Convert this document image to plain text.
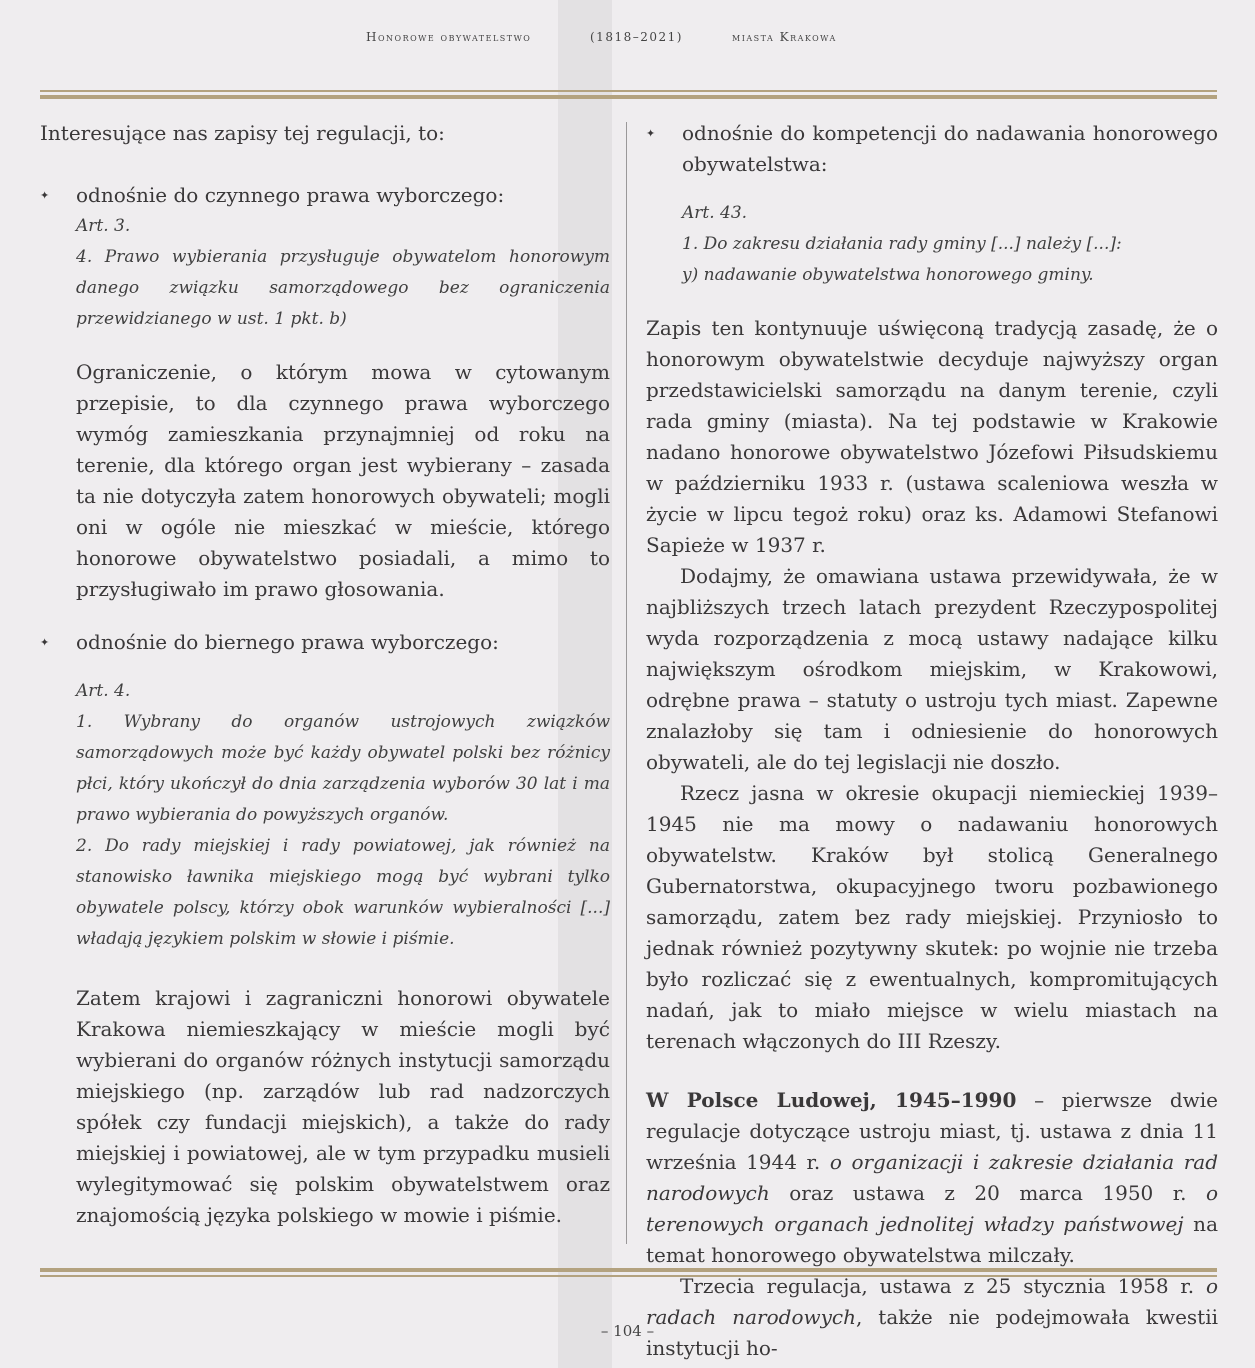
Honorowe obywatelstwo	(1818–2021)	miasta Krakowa

Interesujące nas zapisy tej regulacji, to:

✦ odnośnie do czynnego prawa wyborczego:

Art. 3.

4. Prawo wybierania przysługuje obywatelom honorowym danego związku samorządowego bez ograniczenia przewidzianego w ust. 1 pkt. b)

Ograniczenie, o którym mowa w cytowanym przepisie, to dla czynnego prawa wyborczego wymóg zamieszkania przynajmniej od roku na terenie, dla którego organ jest wybierany – zasada ta nie dotyczyła zatem honorowych obywateli; mogli oni w ogóle nie mieszkać w mieście, którego honorowe obywatelstwo posiadali, a mimo to przysługiwało im prawo głosowania.

✦ odnośnie do biernego prawa wyborczego:

Art. 4.

1. Wybrany do organów ustrojowych związków samorządowych może być każdy obywatel polski bez różnicy płci, który ukończył do dnia zarządzenia wyborów 30 lat i ma prawo wybierania do powyższych organów.

2. Do rady miejskiej i rady powiatowej, jak również na stanowisko ławnika miejskiego mogą być wybrani tylko obywatele polscy, którzy obok warunków wybieralności [...] władają językiem polskim w słowie i piśmie.

Zatem krajowi i zagraniczni honorowi obywatele Krakowa niemieszkający w mieście mogli być wybierani do organów różnych instytucji samorządu miejskiego (np. zarządów lub rad nadzorczych spółek czy fundacji miejskich), a także do rady miejskiej i powiatowej, ale w tym przypadku musieli wylegitymować się polskim obywatelstwem oraz znajomością języka polskiego w mowie i piśmie.

✦ odnośnie do kompetencji do nadawania honorowego obywatelstwa:

Art. 43.

1. Do zakresu działania rady gminy [...] należy [...]:

y) nadawanie obywatelstwa honorowego gminy.

Zapis ten kontynuuje uświęconą tradycją zasadę, że o honorowym obywatelstwie decyduje najwyższy organ przedstawicielski samorządu na danym terenie, czyli rada gminy (miasta). Na tej podstawie w Krakowie nadano honorowe obywatelstwo Józefowi Piłsudskiemu w październiku 1933 r. (ustawa scaleniowa weszła w życie w lipcu tegoż roku) oraz ks. Adamowi Stefanowi Sapieże w 1937 r.

Dodajmy, że omawiana ustawa przewidywała, że w najbliższych trzech latach prezydent Rzeczypospolitej wyda rozporządzenia z mocą ustawy nadające kilku największym ośrodkom miejskim, w Krakowowi, odrębne prawa – statuty o ustroju tych miast. Zapewne znalazłoby się tam i odniesienie do honorowych obywateli, ale do tej legislacji nie doszło.

Rzecz jasna w okresie okupacji niemieckiej 1939–1945 nie ma mowy o nadawaniu honorowych obywatelstw. Kraków był stolicą Generalnego Gubernatorstwa, okupacyjnego tworu pozbawionego samorządu, zatem bez rady miejskiej. Przyniosło to jednak również pozytywny skutek: po wojnie nie trzeba było rozliczać się z ewentualnych, kompromitujących nadań, jak to miało miejsce w wielu miastach na terenach włączonych do III Rzeszy.

W Polsce Ludowej, 1945–1990 – pierwsze dwie regulacje dotyczące ustroju miast, tj. ustawa z dnia 11 września 1944 r. o organizacji i zakresie działania rad narodowych oraz ustawa z 20 marca 1950 r. o terenowych organach jednolitej władzy państwowej na temat honorowego obywatelstwa milczały.

Trzecia regulacja, ustawa z 25 stycznia 1958 r. o radach narodowych, także nie podejmowała kwestii instytucji ho-

– 104 –
